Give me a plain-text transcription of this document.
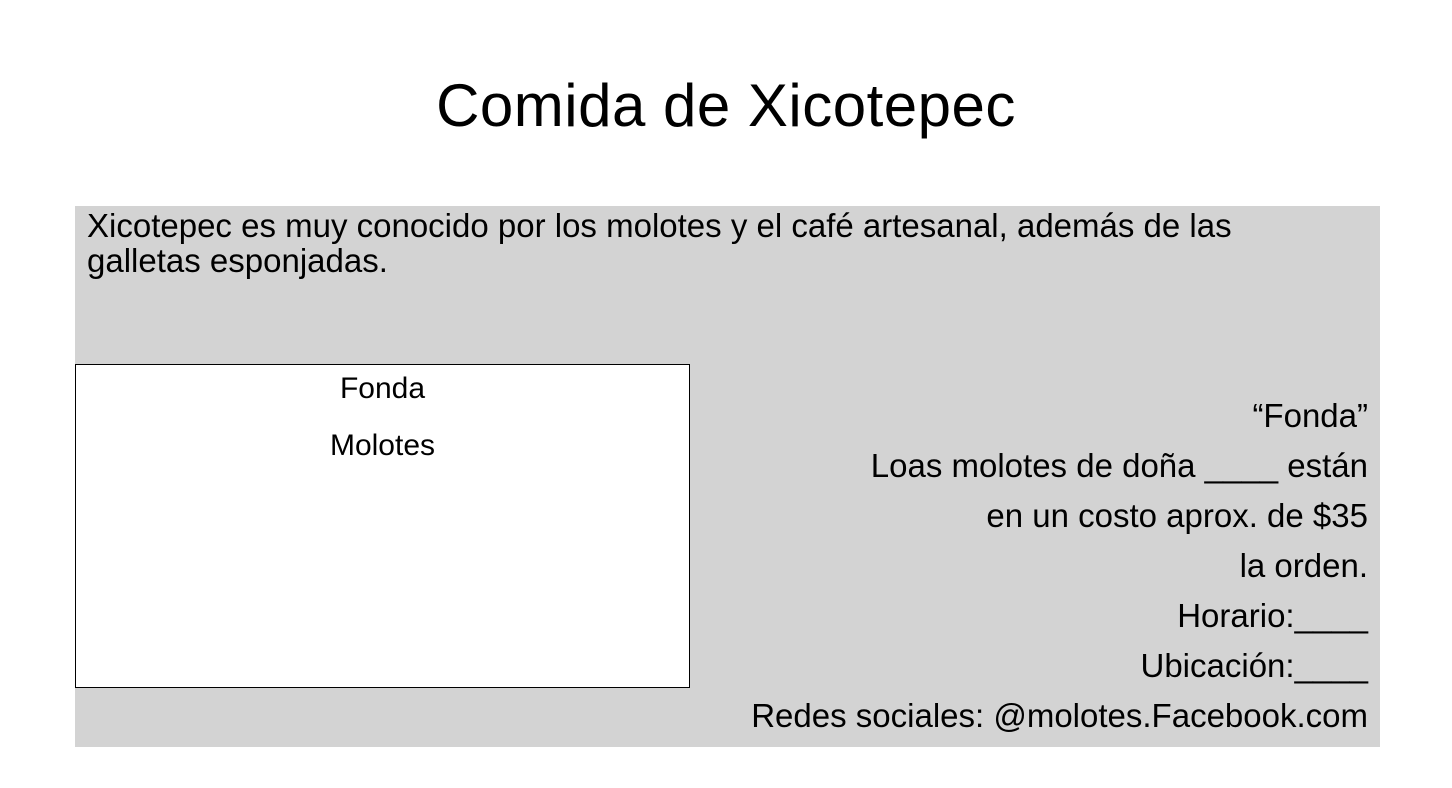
Comida de Xicotepec
Xicotepec es muy conocido por los molotes y el café artesanal, además de las
galletas esponjadas.
Fonda
Molotes
“Fonda”
Loas molotes de doña ____ están
en un costo aprox. de $35
la orden.
Horario:____
Ubicación:____
Redes sociales: @molotes.Facebook.com
